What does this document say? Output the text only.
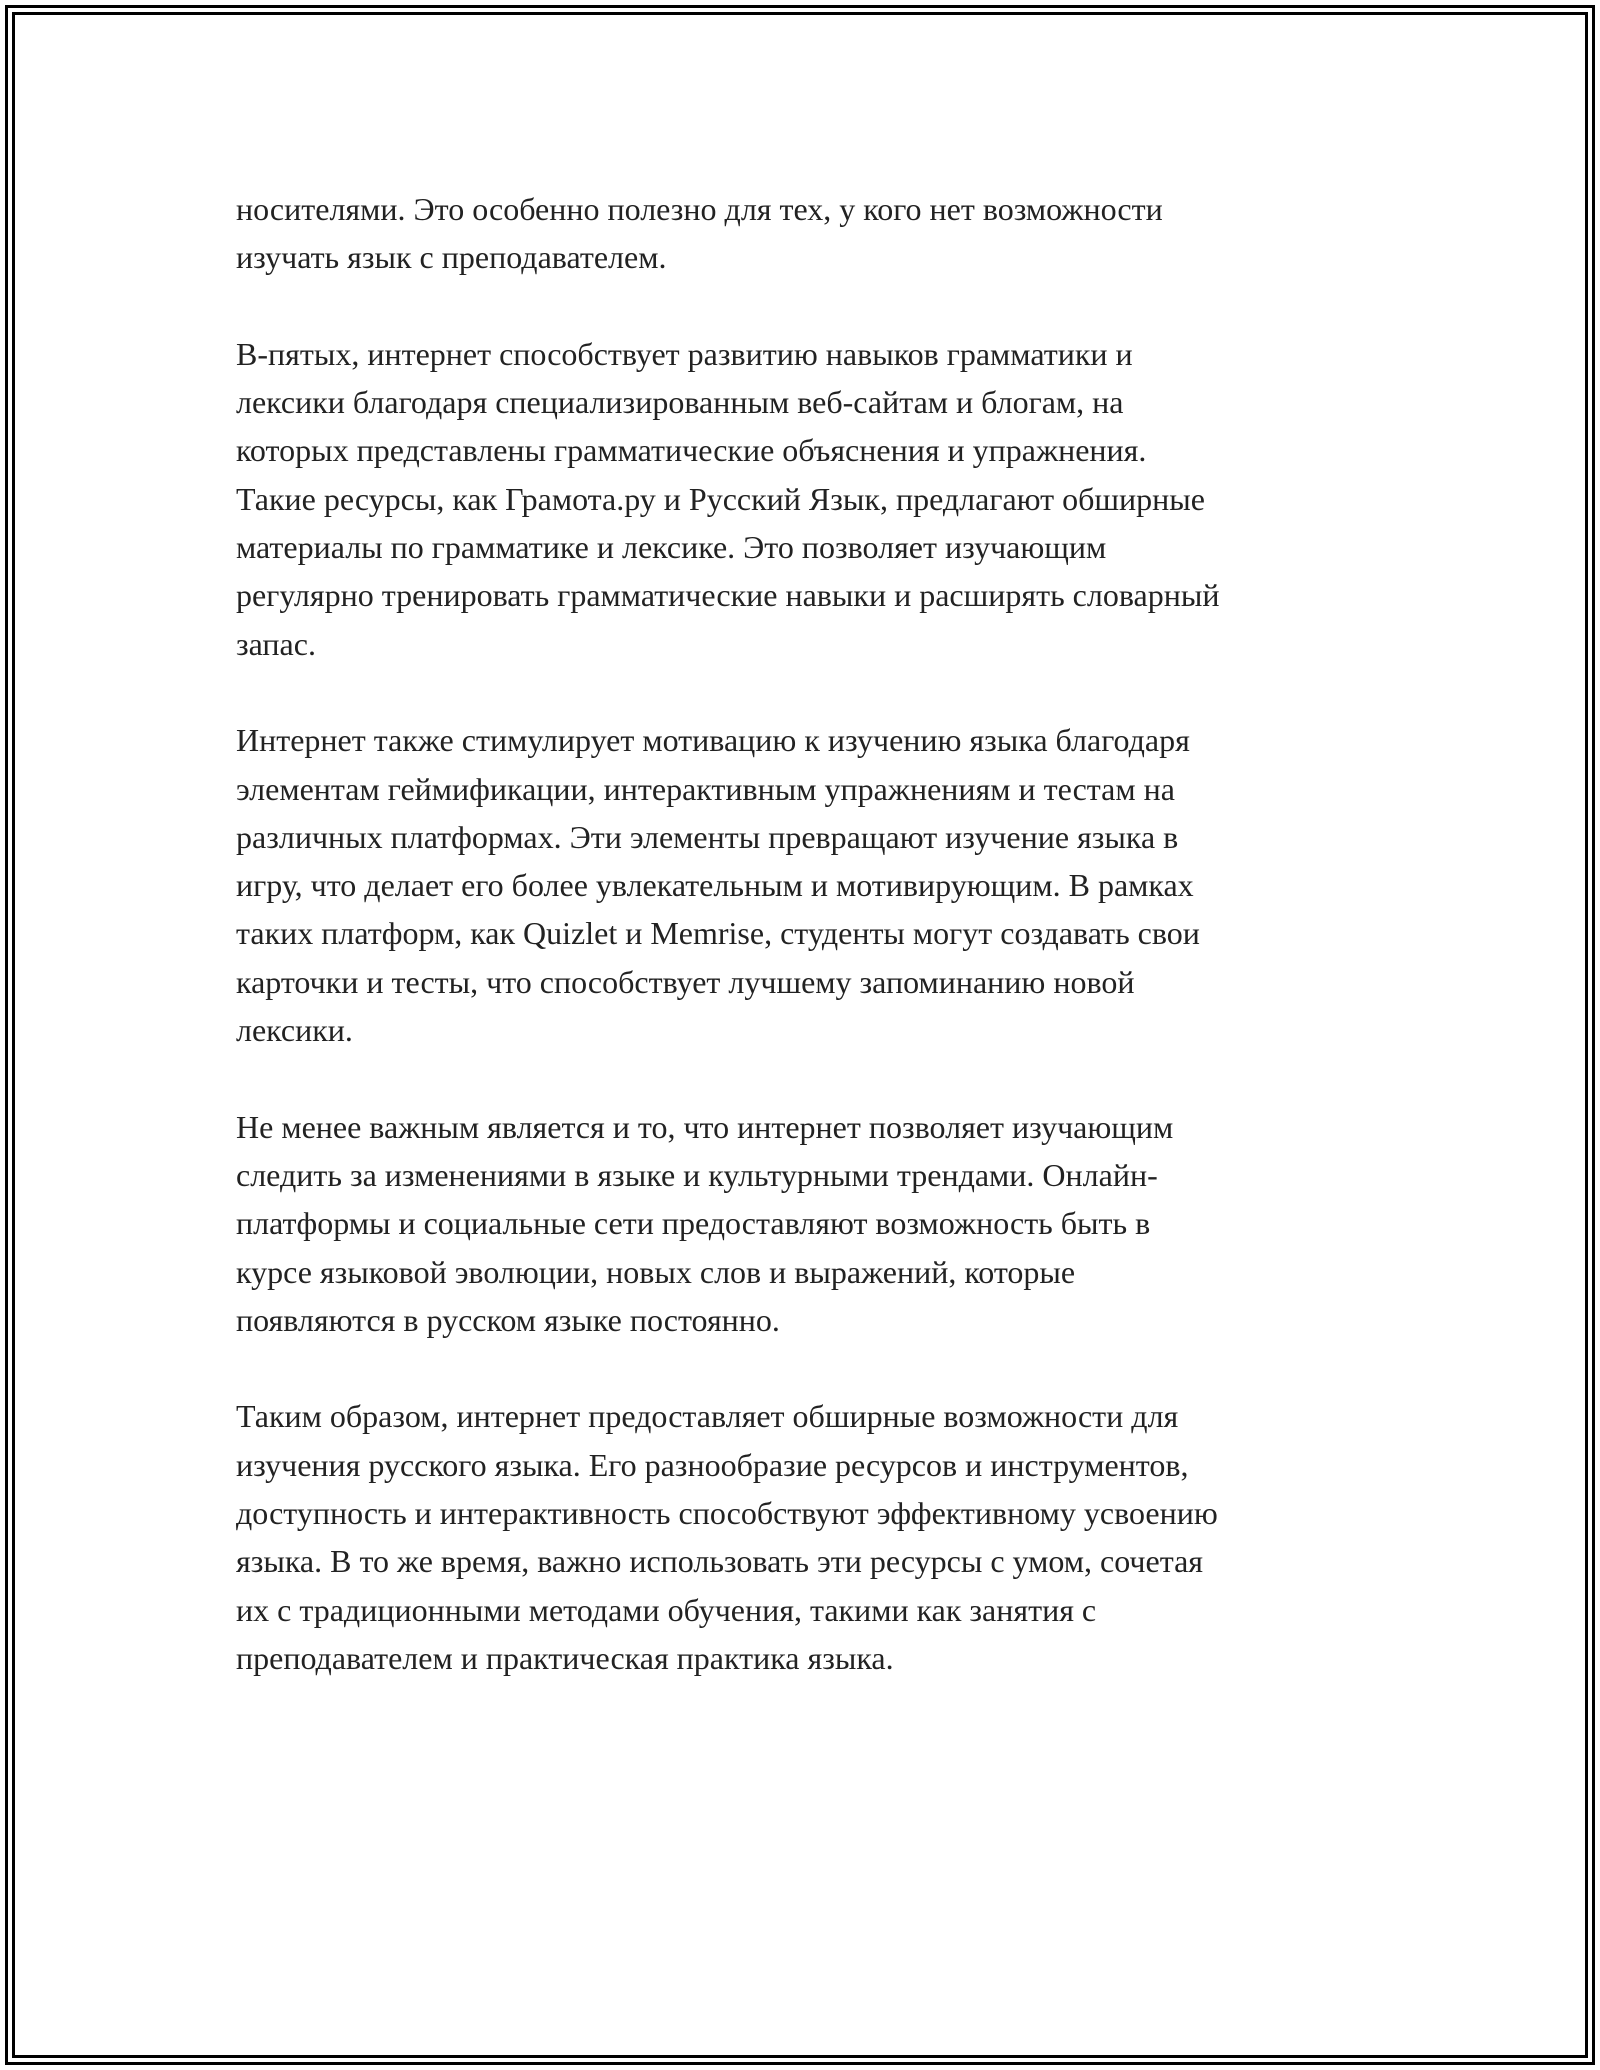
носителями. Это особенно полезно для тех, у кого нет возможности
изучать язык с преподавателем.

В-пятых, интернет способствует развитию навыков грамматики и
лексики благодаря специализированным веб-сайтам и блогам, на
которых представлены грамматические объяснения и упражнения.
Такие ресурсы, как Грамота.ру и Русский Язык, предлагают обширные
материалы по грамматике и лексике. Это позволяет изучающим
регулярно тренировать грамматические навыки и расширять словарный
запас.

Интернет также стимулирует мотивацию к изучению языка благодаря
элементам геймификации, интерактивным упражнениям и тестам на
различных платформах. Эти элементы превращают изучение языка в
игру, что делает его более увлекательным и мотивирующим. В рамках
таких платформ, как Quizlet и Memrise, студенты могут создавать свои
карточки и тесты, что способствует лучшему запоминанию новой
лексики.

Не менее важным является и то, что интернет позволяет изучающим
следить за изменениями в языке и культурными трендами. Онлайн-
платформы и социальные сети предоставляют возможность быть в
курсе языковой эволюции, новых слов и выражений, которые
появляются в русском языке постоянно.

Таким образом, интернет предоставляет обширные возможности для
изучения русского языка. Его разнообразие ресурсов и инструментов,
доступность и интерактивность способствуют эффективному усвоению
языка. В то же время, важно использовать эти ресурсы с умом, сочетая
их с традиционными методами обучения, такими как занятия с
преподавателем и практическая практика языка.
